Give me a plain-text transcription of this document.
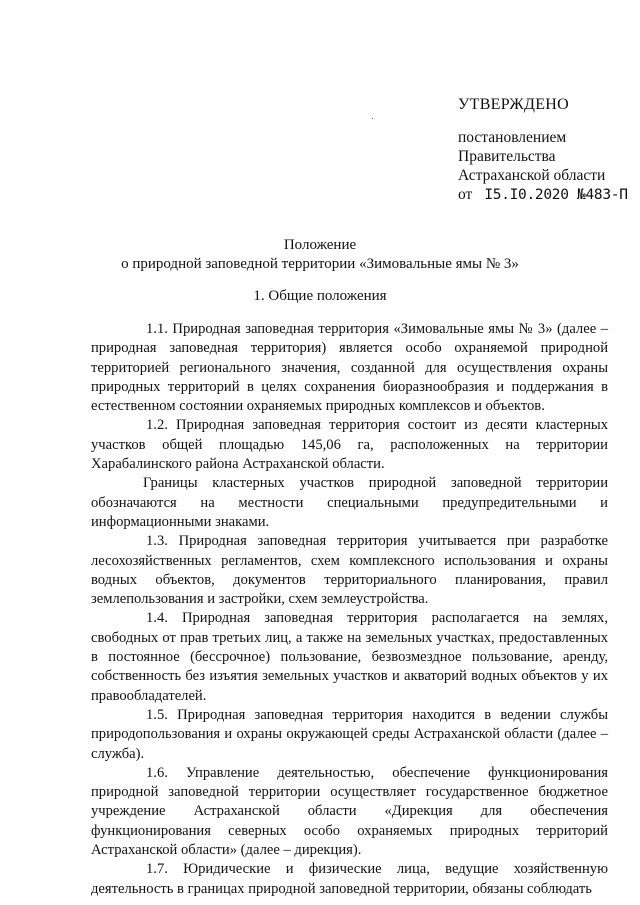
УТВЕРЖДЕНО
постановлением
Правительства
Астраханской области
от I5.I0.2020 №483-П
Положение
о природной заповедной территории «Зимовальные ямы № 3»
1. Общие положения

1.1. Природная заповедная территория «Зимовальные ямы № 3» (далее – природная заповедная территория) является особо охраняемой природной территорией регионального значения, созданной для осуществления охраны природных территорий в целях сохранения биоразнообразия и поддержания в естественном состоянии охраняемых природных комплексов и объектов.

1.2. Природная заповедная территория состоит из десяти кластерных участков общей площадью 145,06 га, расположенных на территории Харабалинского района Астраханской области.

Границы кластерных участков природной заповедной территории обозначаются на местности специальными предупредительными и информационными знаками.

1.3. Природная заповедная территория учитывается при разработке лесохозяйственных регламентов, схем комплексного использования и охраны водных объектов, документов территориального планирования, правил землепользования и застройки, схем землеустройства.

1.4. Природная заповедная территория располагается на землях, свободных от прав третьих лиц, а также на земельных участках, предоставленных в постоянное (бессрочное) пользование, безвозмездное пользование, аренду, собственность без изъятия земельных участков и акваторий водных объектов у их правообладателей.

1.5. Природная заповедная территория находится в ведении службы природопользования и охраны окружающей среды Астраханской области (далее – служба).

1.6. Управление деятельностью, обеспечение функционирования природной заповедной территории осуществляет государственное бюджетное учреждение Астраханской области «Дирекция для обеспечения функционирования северных особо охраняемых природных территорий Астраханской области» (далее – дирекция).

1.7. Юридические и физические лица, ведущие хозяйственную деятельность в границах природной заповедной территории, обязаны соблюдать
